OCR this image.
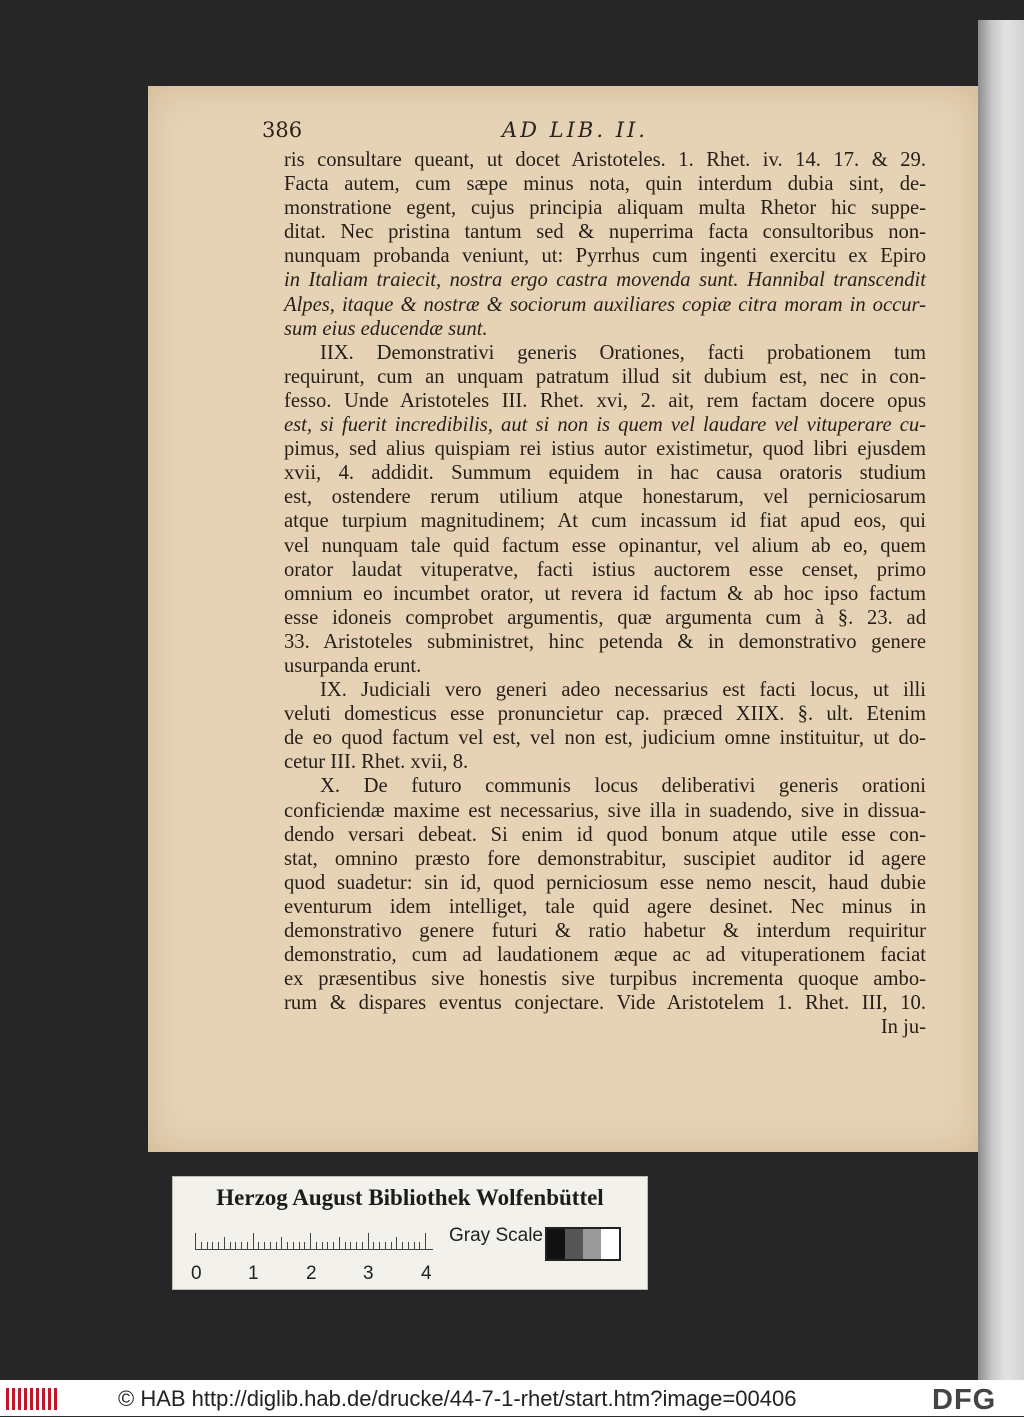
386	AD LIB. II.
ris consultare queant, ut docet Aristoteles. 1. Rhet. iv. 14. 17. & 29.
Facta autem, cum sæpe minus nota, quin interdum dubia sint, de-
monstratione egent, cujus principia aliquam multa Rhetor hic suppe-
ditat. Nec pristina tantum sed & nuperrima facta consultoribus non-
nunquam probanda veniunt, ut: Pyrrhus cum ingenti exercitu ex Epiro
in Italiam traiecit, nostra ergo castra movenda sunt. Hannibal transcendit
Alpes, itaque & nostræ & sociorum auxiliares copiæ citra moram in occur-
sum eius educendæ sunt.
IIX. Demonstrativi generis Orationes, facti probationem tum
requirunt, cum an unquam patratum illud sit dubium est, nec in con-
fesso. Unde Aristoteles III. Rhet. xvi, 2. ait, rem factam docere opus
est, si fuerit incredibilis, aut si non is quem vel laudare vel vituperare cu-
pimus, sed alius quispiam rei istius autor existimetur, quod libri ejusdem
xvii, 4. addidit. Summum equidem in hac causa oratoris studium
est, ostendere rerum utilium atque honestarum, vel perniciosarum
atque turpium magnitudinem; At cum incassum id fiat apud eos, qui
vel nunquam tale quid factum esse opinantur, vel alium ab eo, quem
orator laudat vituperatve, facti istius auctorem esse censet, primo
omnium eo incumbet orator, ut revera id factum & ab hoc ipso factum
esse idoneis comprobet argumentis, quæ argumenta cum à §. 23. ad
33. Aristoteles subministret, hinc petenda & in demonstrativo genere
usurpanda erunt.
IX. Judiciali vero generi adeo necessarius est facti locus, ut illi
veluti domesticus esse pronuncietur cap. præced XIIX. §. ult. Etenim
de eo quod factum vel est, vel non est, judicium omne instituitur, ut do-
cetur III. Rhet. xvii, 8.
X. De futuro communis locus deliberativi generis orationi
conficiendæ maxime est necessarius, sive illa in suadendo, sive in dissua-
dendo versari debeat. Si enim id quod bonum atque utile esse con-
stat, omnino præsto fore demonstrabitur, suscipiet auditor id agere
quod suadetur: sin id, quod perniciosum esse nemo nescit, haud dubie
eventurum idem intelliget, tale quid agere desinet. Nec minus in
demonstrativo genere futuri & ratio habetur & interdum requiritur
demonstratio, cum ad laudationem æque ac ad vituperationem faciat
ex præsentibus sive honestis sive turpibus incrementa quoque ambo-
rum & dispares eventus conjectare. Vide Aristotelem 1. Rhet. III, 10.
In ju-
Herzog August Bibliothek Wolfenbüttel
0 1 2 3 4
Gray Scale
© HAB http://diglib.hab.de/drucke/44-7-1-rhet/start.htm?image=00406	DFG
